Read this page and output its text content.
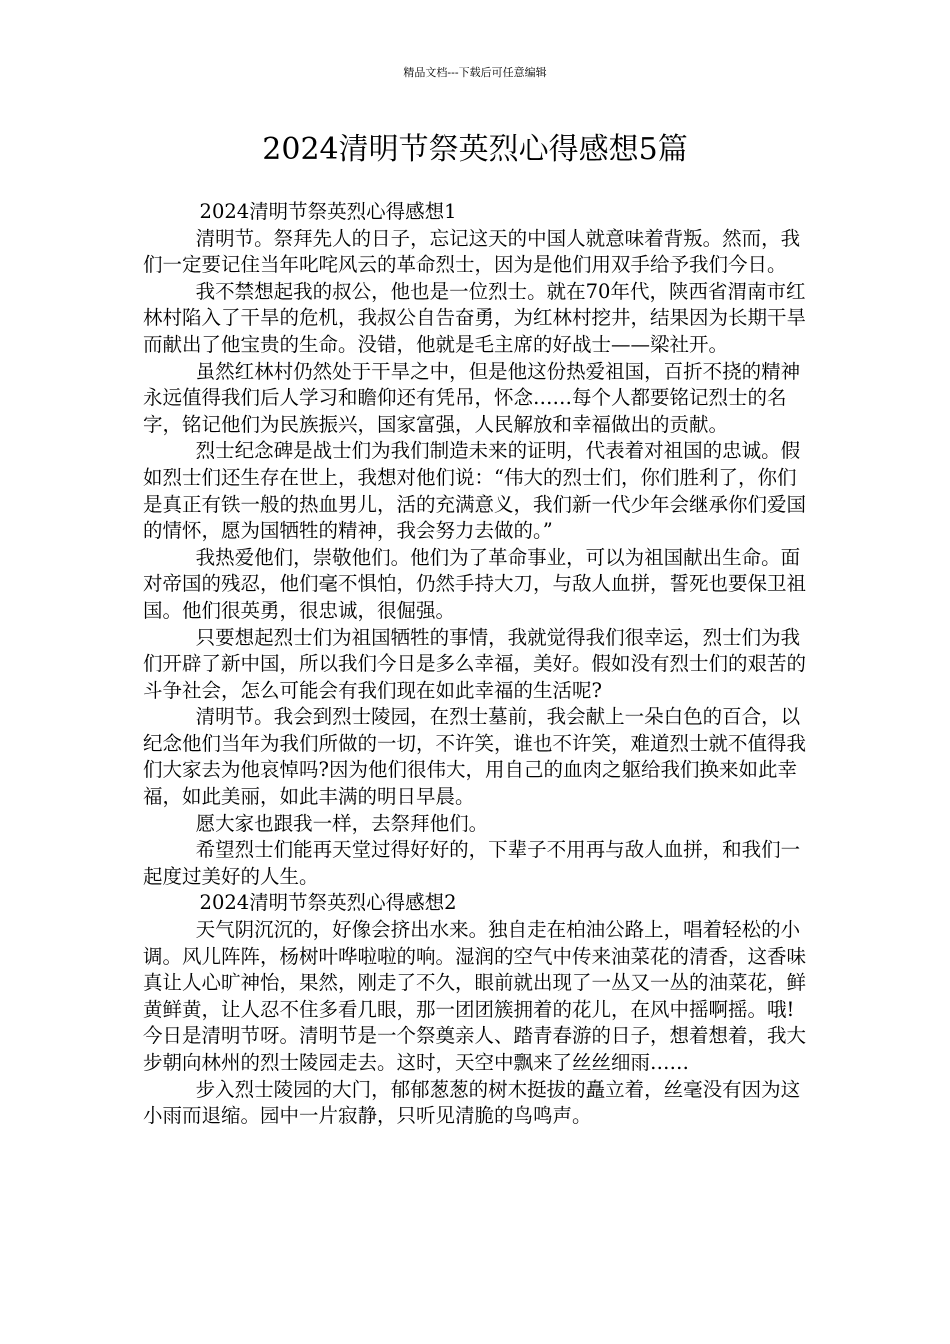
精品文档---下载后可任意编辑
2024清明节祭英烈心得感想5篇

2024清明节祭英烈心得感想1

清明节。祭拜先人的日子，忘记这天的中国人就意味着背叛。然而，我们一定要记住当年叱咤风云的革命烈士，因为是他们用双手给予我们今日。

我不禁想起我的叔公，他也是一位烈士。就在70年代，陕西省渭南市红林村陷入了干旱的危机，我叔公自告奋勇，为红林村挖井，结果因为长期干旱而献出了他宝贵的生命。没错，他就是毛主席的好战士——梁社开。

虽然红林村仍然处于干旱之中，但是他这份热爱祖国，百折不挠的精神永远值得我们后人学习和瞻仰还有凭吊，怀念……每个人都要铭记烈士的名字，铭记他们为民族振兴，国家富强，人民解放和幸福做出的贡献。

烈士纪念碑是战士们为我们制造未来的证明，代表着对祖国的忠诚。假如烈士们还生存在世上，我想对他们说：“伟大的烈士们，你们胜利了，你们是真正有铁一般的热血男儿，活的充满意义，我们新一代少年会继承你们爱国的情怀，愿为国牺牲的精神，我会努力去做的。”

我热爱他们，崇敬他们。他们为了革命事业，可以为祖国献出生命。面对帝国的残忍，他们毫不惧怕，仍然手持大刀，与敌人血拼，誓死也要保卫祖国。他们很英勇，很忠诚，很倔强。

只要想起烈士们为祖国牺牲的事情，我就觉得我们很幸运，烈士们为我们开辟了新中国，所以我们今日是多么幸福，美好。假如没有烈士们的艰苦的斗争社会，怎么可能会有我们现在如此幸福的生活呢?

清明节。我会到烈士陵园，在烈士墓前，我会献上一朵白色的百合，以纪念他们当年为我们所做的一切，不许笑，谁也不许笑，难道烈士就不值得我们大家去为他哀悼吗?因为他们很伟大，用自己的血肉之躯给我们换来如此幸福，如此美丽，如此丰满的明日早晨。

愿大家也跟我一样，去祭拜他们。

希望烈士们能再天堂过得好好的，下辈子不用再与敌人血拼，和我们一起度过美好的人生。

2024清明节祭英烈心得感想2

天气阴沉沉的，好像会挤出水来。独自走在柏油公路上，唱着轻松的小调。风儿阵阵，杨树叶哗啦啦的响。湿润的空气中传来油菜花的清香，这香味真让人心旷神怡，果然，刚走了不久，眼前就出现了一丛又一丛的油菜花，鲜黄鲜黄，让人忍不住多看几眼，那一团团簇拥着的花儿，在风中摇啊摇。哦!今日是清明节呀。清明节是一个祭奠亲人、踏青春游的日子，想着想着，我大步朝向林州的烈士陵园走去。这时，天空中飘来了丝丝细雨……

步入烈士陵园的大门，郁郁葱葱的树木挺拔的矗立着，丝毫没有因为这小雨而退缩。园中一片寂静，只听见清脆的鸟鸣声。
